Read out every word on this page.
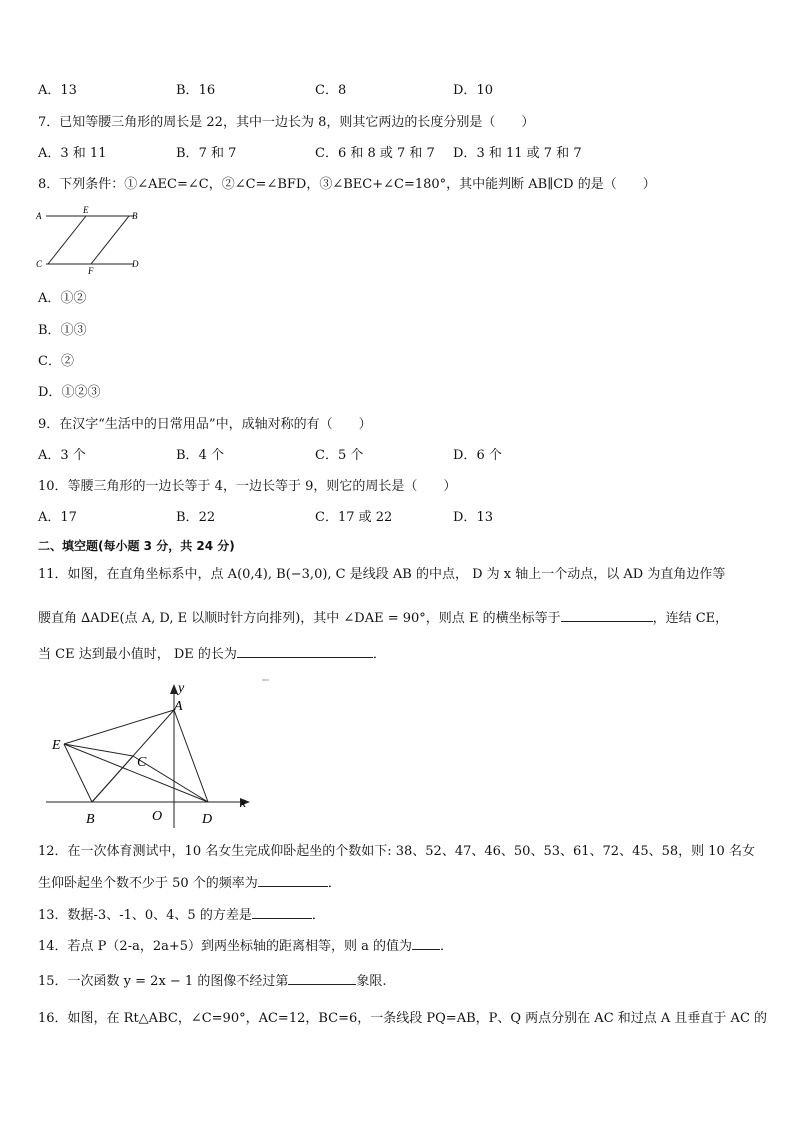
A．13	B．16	C．8	D．10
7．已知等腰三角形的周长是 22，其中一边长为 8，则其它两边的长度分别是（　　）
A．3 和 11	B．7 和 7	C．6 和 8 或 7 和 7 D．3 和 11 或 7 和 7
8．下列条件：①∠AEC=∠C，②∠C=∠BFD，③∠BEC+∠C=180°，其中能判断 AB∥CD 的是（　　）
A
E
B
C
F
D
A．①②
B．①③
C．②
D．①②③
9．在汉字“生活中的日常用品”中，成轴对称的有（　　）
A．3 个	B．4 个	C．5 个	D．6 个
10．等腰三角形的一边长等于 4，一边长等于 9，则它的周长是（　　）
A．17	B．22	C．17 或 22	D．13
二、填空题(每小题 3 分，共 24 分)
11．如图，在直角坐标系中，点 A(0,4), B(−3,0), C 是线段 AB 的中点， D 为 x 轴上一个动点，以 AD 为直角边作等
腰直角 ∆ADE(点 A, D, E 以顺时针方向排列)，其中 ∠DAE = 90°，则点 E 的横坐标等于	，连结 CE，
当 CE 达到最小值时， DE 的长为	．
y
A
E
C
O
B	D
x
12．在一次体育测试中，10 名女生完成仰卧起坐的个数如下: 38、52、47、46、50、53、61、72、45、58，则 10 名女
生仰卧起坐个数不少于 50 个的频率为	．
13．数据-3、-1、0、4、5 的方差是	．
14．若点 P（2-a，2a+5）到两坐标轴的距离相等，则 a 的值为 ．
15．一次函数 y = 2x − 1 的图像不经过第	象限.
16．如图，在 Rt△ABC，∠C=90°，AC=12，BC=6，一条线段 PQ=AB，P、Q 两点分别在 AC 和过点 A 且垂直于 AC 的
